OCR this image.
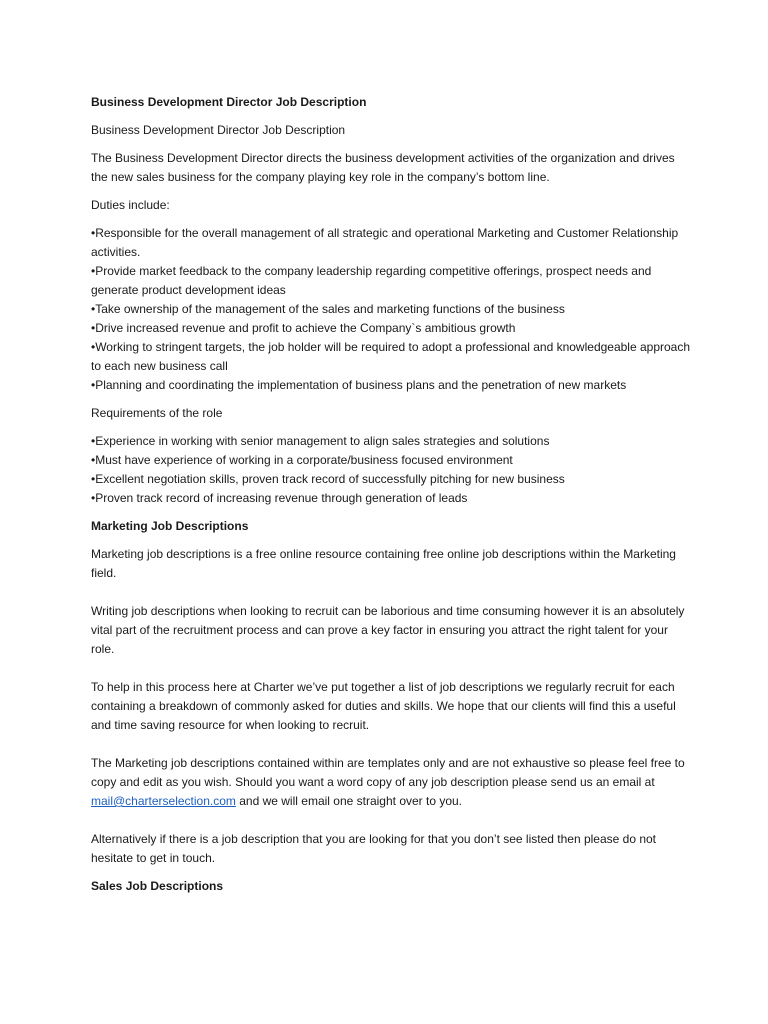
Business Development Director Job Description

Business Development Director Job Description

The Business Development Director directs the business development activities of the organization and drives the new sales business for the company playing key role in the company’s bottom line.

Duties include:

•Responsible for the overall management of all strategic and operational Marketing and Customer Relationship activities.
•Provide market feedback to the company leadership regarding competitive offerings, prospect needs and generate product development ideas
•Take ownership of the management of the sales and marketing functions of the business
•Drive increased revenue and profit to achieve the Company`s ambitious growth
•Working to stringent targets, the job holder will be required to adopt a professional and knowledgeable approach to each new business call
•Planning and coordinating the implementation of business plans and the penetration of new markets

Requirements of the role

•Experience in working with senior management to align sales strategies and solutions
•Must have experience of working in a corporate/business focused environment
•Excellent negotiation skills, proven track record of successfully pitching for new business
•Proven track record of increasing revenue through generation of leads

Marketing Job Descriptions

Marketing job descriptions is a free online resource containing free online job descriptions within the Marketing field.

Writing job descriptions when looking to recruit can be laborious and time consuming however it is an absolutely vital part of the recruitment process and can prove a key factor in ensuring you attract the right talent for your role.

To help in this process here at Charter we’ve put together a list of job descriptions we regularly recruit for each containing a breakdown of commonly asked for duties and skills. We hope that our clients will find this a useful and time saving resource for when looking to recruit.

The Marketing job descriptions contained within are templates only and are not exhaustive so please feel free to copy and edit as you wish. Should you want a word copy of any job description please send us an email at mail@charterselection.com and we will email one straight over to you.

Alternatively if there is a job description that you are looking for that you don’t see listed then please do not hesitate to get in touch.

Sales Job Descriptions
